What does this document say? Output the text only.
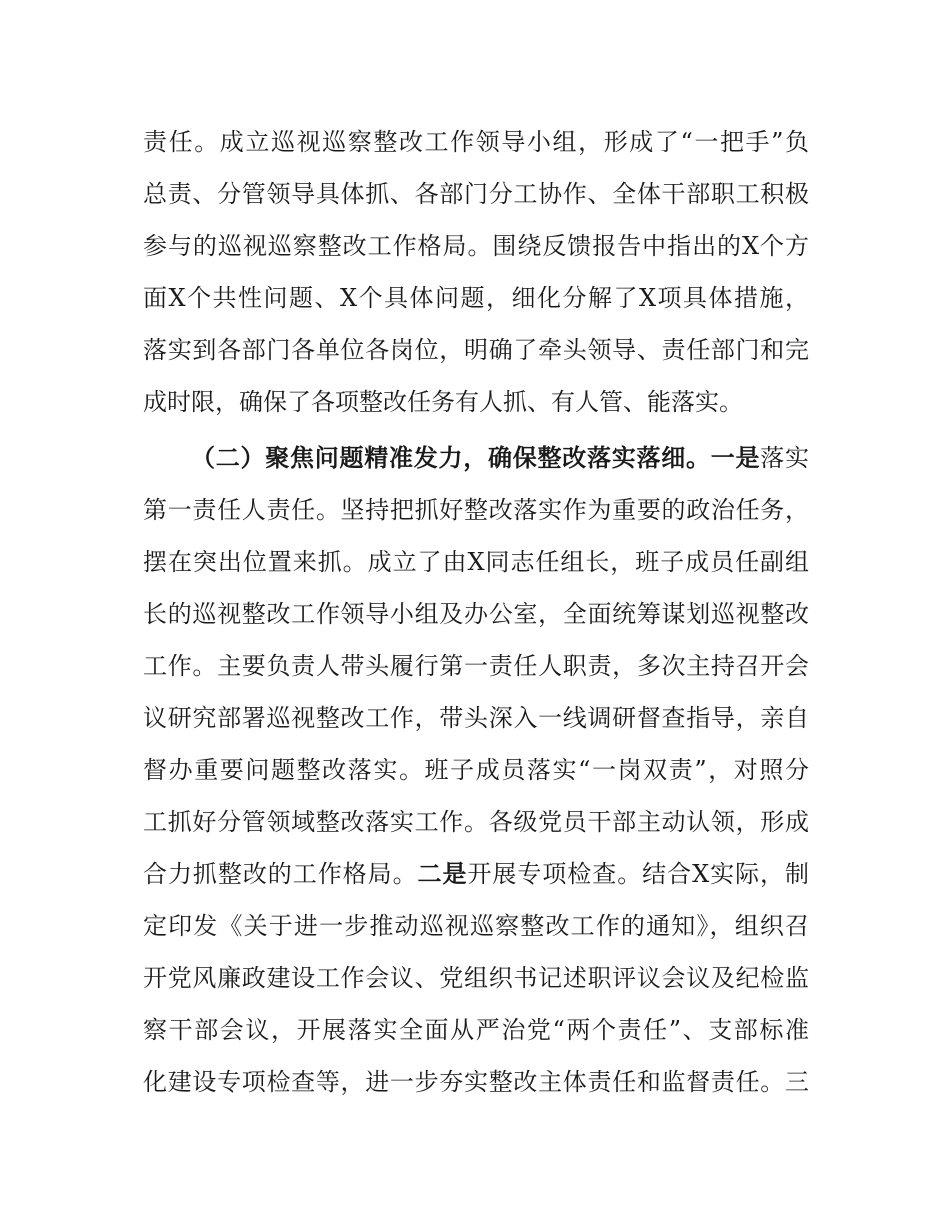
责任。成立巡视巡察整改工作领导小组，形成了“一把手”负
总责、分管领导具体抓、各部门分工协作、全体干部职工积极
参与的巡视巡察整改工作格局。围绕反馈报告中指出的X个方
面X个共性问题、X个具体问题，细化分解了X项具体措施，
落实到各部门各单位各岗位，明确了牵头领导、责任部门和完
成时限，确保了各项整改任务有人抓、有人管、能落实。
（二）聚焦问题精准发力，确保整改落实落细。一是落实
第一责任人责任。坚持把抓好整改落实作为重要的政治任务，
摆在突出位置来抓。成立了由X同志任组长，班子成员任副组
长的巡视整改工作领导小组及办公室，全面统筹谋划巡视整改
工作。主要负责人带头履行第一责任人职责，多次主持召开会
议研究部署巡视整改工作，带头深入一线调研督查指导，亲自
督办重要问题整改落实。班子成员落实“一岗双责”，对照分
工抓好分管领域整改落实工作。各级党员干部主动认领，形成
合力抓整改的工作格局。二是开展专项检查。结合X实际，制
定印发《关于进一步推动巡视巡察整改工作的通知》，组织召
开党风廉政建设工作会议、党组织书记述职评议会议及纪检监
察干部会议，开展落实全面从严治党“两个责任”、支部标准
化建设专项检查等，进一步夯实整改主体责任和监督责任。三
